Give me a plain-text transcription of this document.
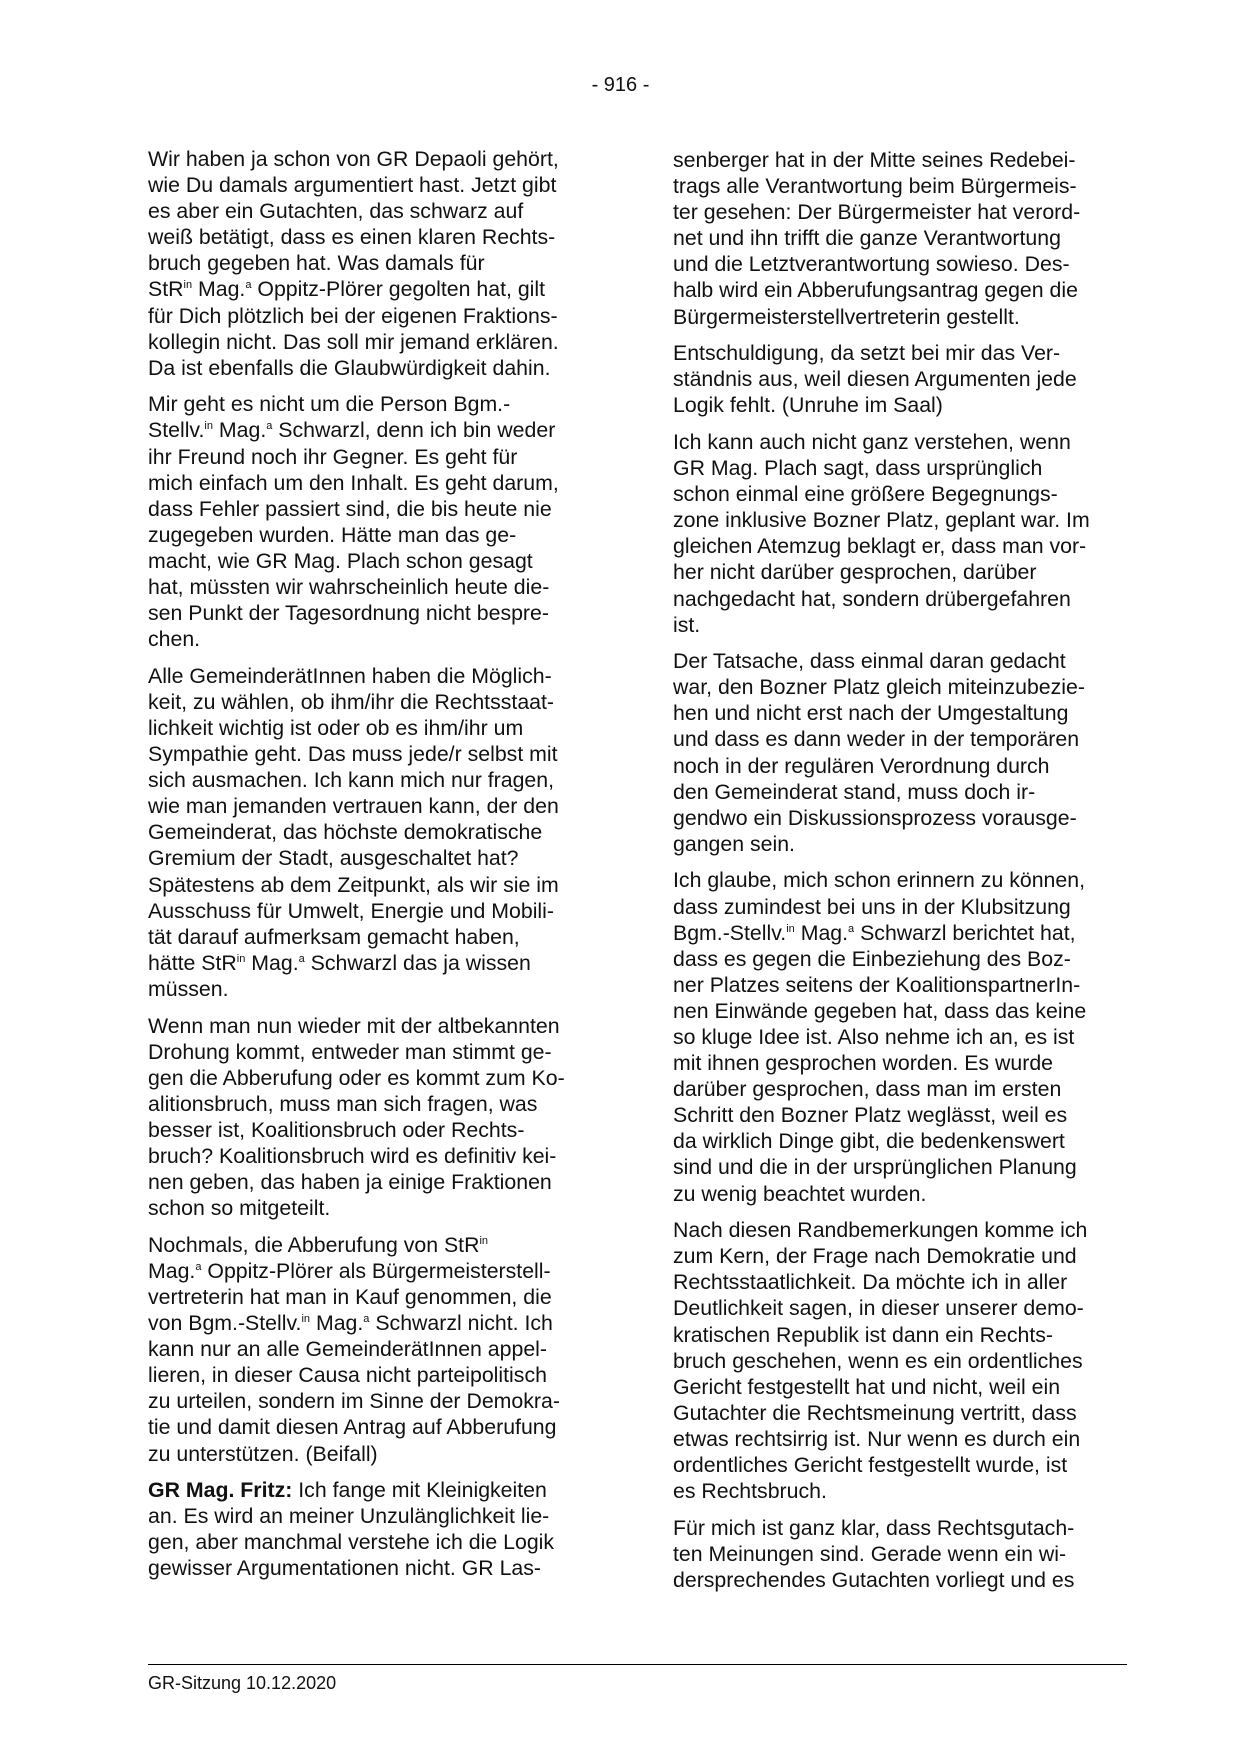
- 916 -

Wir haben ja schon von GR Depaoli gehört,
wie Du damals argumentiert hast. Jetzt gibt
es aber ein Gutachten, das schwarz auf
weiß betätigt, dass es einen klaren Rechts-
bruch gegeben hat. Was damals für
StR$^{in}$ Mag.$^a$ Oppitz-Plörer gegolten hat, gilt
für Dich plötzlich bei der eigenen Fraktions-
kollegin nicht. Das soll mir jemand erklären.
Da ist ebenfalls die Glaubwürdigkeit dahin.

Mir geht es nicht um die Person Bgm.-
Stellv.$^{in}$ Mag.$^a$ Schwarzl, denn ich bin weder
ihr Freund noch ihr Gegner. Es geht für
mich einfach um den Inhalt. Es geht darum,
dass Fehler passiert sind, die bis heute nie
zugegeben wurden. Hätte man das ge-
macht, wie GR Mag. Plach schon gesagt
hat, müssten wir wahrscheinlich heute die-
sen Punkt der Tagesordnung nicht bespre-
chen.

Alle GemeinderätInnen haben die Möglich-
keit, zu wählen, ob ihm/ihr die Rechtsstaat-
lichkeit wichtig ist oder ob es ihm/ihr um
Sympathie geht. Das muss jede/r selbst mit
sich ausmachen. Ich kann mich nur fragen,
wie man jemanden vertrauen kann, der den
Gemeinderat, das höchste demokratische
Gremium der Stadt, ausgeschaltet hat?
Spätestens ab dem Zeitpunkt, als wir sie im
Ausschuss für Umwelt, Energie und Mobili-
tät darauf aufmerksam gemacht haben,
hätte StR$^{in}$ Mag.$^a$ Schwarzl das ja wissen
müssen.

Wenn man nun wieder mit der altbekannten
Drohung kommt, entweder man stimmt ge-
gen die Abberufung oder es kommt zum Ko-
alitionsbruch, muss man sich fragen, was
besser ist, Koalitionsbruch oder Rechts-
bruch? Koalitionsbruch wird es definitiv kei-
nen geben, das haben ja einige Fraktionen
schon so mitgeteilt.

Nochmals, die Abberufung von StR$^{in}$
Mag.$^a$ Oppitz-Plörer als Bürgermeisterstell-
vertreterin hat man in Kauf genommen, die
von Bgm.-Stellv.$^{in}$ Mag.$^a$ Schwarzl nicht. Ich
kann nur an alle GemeinderätInnen appel-
lieren, in dieser Causa nicht parteipolitisch
zu urteilen, sondern im Sinne der Demokra-
tie und damit diesen Antrag auf Abberufung
zu unterstützen. (Beifall)

GR Mag. Fritz: Ich fange mit Kleinigkeiten
an. Es wird an meiner Unzulänglichkeit lie-
gen, aber manchmal verstehe ich die Logik
gewisser Argumentationen nicht. GR Las-

senberger hat in der Mitte seines Redebei-
trags alle Verantwortung beim Bürgermeis-
ter gesehen: Der Bürgermeister hat verord-
net und ihn trifft die ganze Verantwortung
und die Letztverantwortung sowieso. Des-
halb wird ein Abberufungsantrag gegen die
Bürgermeisterstellvertreterin gestellt.

Entschuldigung, da setzt bei mir das Ver-
ständnis aus, weil diesen Argumenten jede
Logik fehlt. (Unruhe im Saal)

Ich kann auch nicht ganz verstehen, wenn
GR Mag. Plach sagt, dass ursprünglich
schon einmal eine größere Begegnungs-
zone inklusive Bozner Platz, geplant war. Im
gleichen Atemzug beklagt er, dass man vor-
her nicht darüber gesprochen, darüber
nachgedacht hat, sondern drübergefahren
ist.

Der Tatsache, dass einmal daran gedacht
war, den Bozner Platz gleich miteinzubezie-
hen und nicht erst nach der Umgestaltung
und dass es dann weder in der temporären
noch in der regulären Verordnung durch
den Gemeinderat stand, muss doch ir-
gendwo ein Diskussionsprozess vorausge-
gangen sein.

Ich glaube, mich schon erinnern zu können,
dass zumindest bei uns in der Klubsitzung
Bgm.-Stellv.$^{in}$ Mag.$^a$ Schwarzl berichtet hat,
dass es gegen die Einbeziehung des Boz-
ner Platzes seitens der KoalitionspartnerIn-
nen Einwände gegeben hat, dass das keine
so kluge Idee ist. Also nehme ich an, es ist
mit ihnen gesprochen worden. Es wurde
darüber gesprochen, dass man im ersten
Schritt den Bozner Platz weglässt, weil es
da wirklich Dinge gibt, die bedenkenswert
sind und die in der ursprünglichen Planung
zu wenig beachtet wurden.

Nach diesen Randbemerkungen komme ich
zum Kern, der Frage nach Demokratie und
Rechtsstaatlichkeit. Da möchte ich in aller
Deutlichkeit sagen, in dieser unserer demo-
kratischen Republik ist dann ein Rechts-
bruch geschehen, wenn es ein ordentliches
Gericht festgestellt hat und nicht, weil ein
Gutachter die Rechtsmeinung vertritt, dass
etwas rechtsirrig ist. Nur wenn es durch ein
ordentliches Gericht festgestellt wurde, ist
es Rechtsbruch.

Für mich ist ganz klar, dass Rechtsgutach-
ten Meinungen sind. Gerade wenn ein wi-
dersprechendes Gutachten vorliegt und es

GR-Sitzung 10.12.2020
